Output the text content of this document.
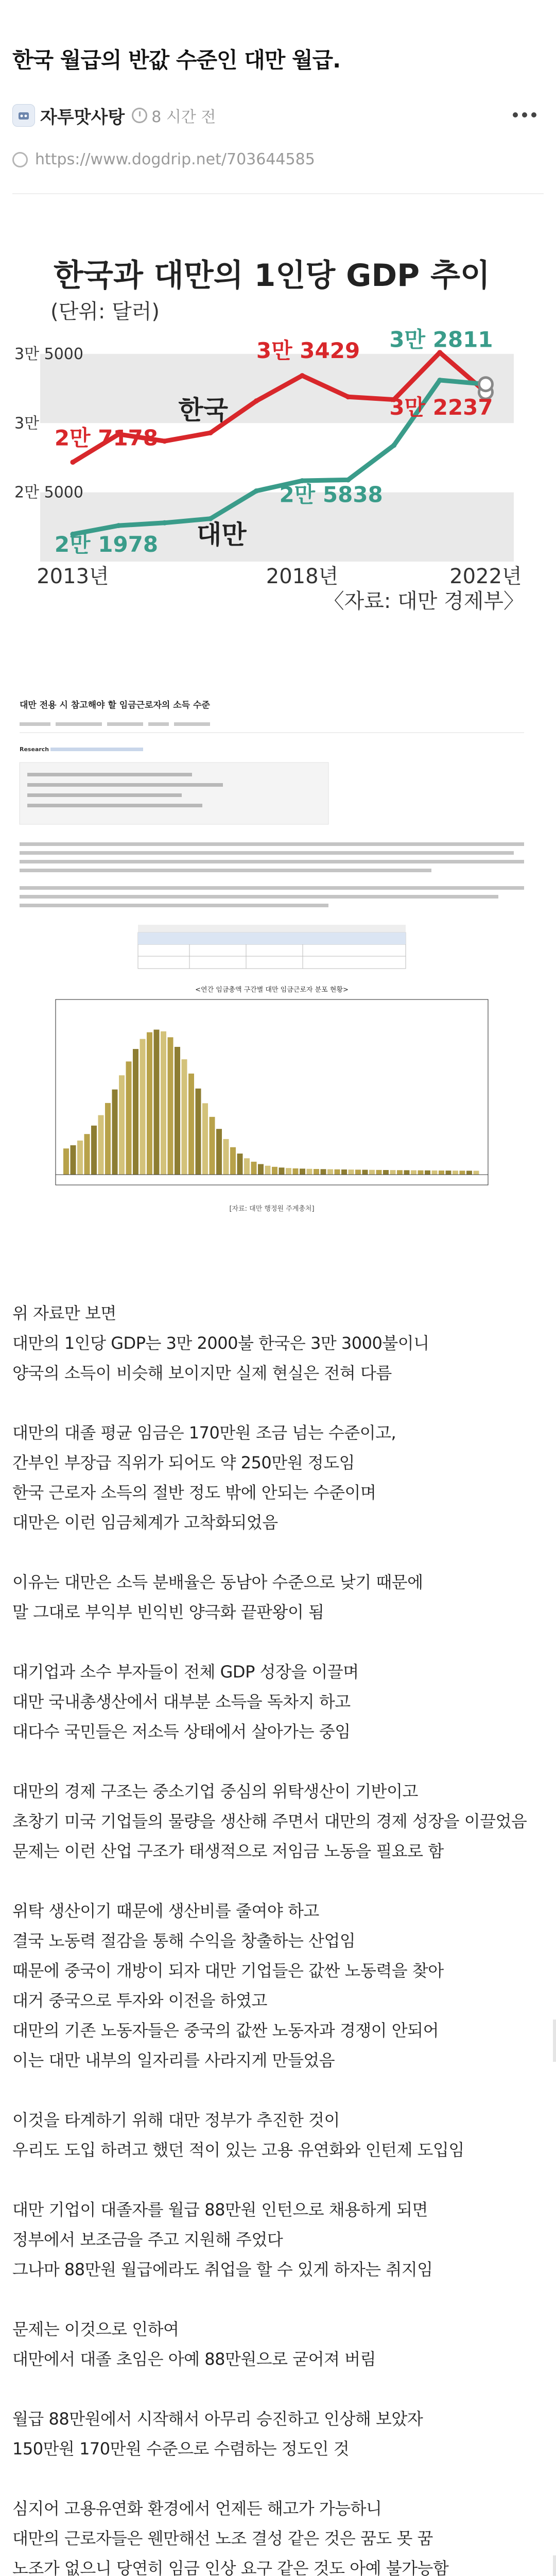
한국 월급의 반값 수준인 대만 월급.
자투맛사탕 8 시간 전
https://www.dogdrip.net/703644585
한국과 대만의 1인당 GDP 추이
(단위: 달러)
3만 5000
3만
2만 5000
한국
대만
2만 7178
3만 3429
3만 2237
2만 1978
2만 5838
3만 2811
2013년	2018년	2022년
〈자료: 대만 경제부〉
대만 전용 시 참고해야 할 임금근로자의 소득 수준
Research
<연간 임금총액 구간별 대만 임금근로자 분포 현황>
[자료: 대만 행정원 주계총처]
위 자료만 보면
대만의 1인당 GDP는 3만 2000불 한국은 3만 3000불이니
양국의 소득이 비슷해 보이지만 실제 현실은 전혀 다름
대만의 대졸 평균 임금은 170만원 조금 넘는 수준이고,
간부인 부장급 직위가 되어도 약 250만원 정도임
한국 근로자 소득의 절반 정도 밖에 안되는 수준이며
대만은 이런 임금체계가 고착화되었음
이유는 대만은 소득 분배율은 동남아 수준으로 낮기 때문에
말 그대로 부익부 빈익빈 양극화 끝판왕이 됨
대기업과 소수 부자들이 전체 GDP 성장을 이끌며
대만 국내총생산에서 대부분 소득을 독차지 하고
대다수 국민들은 저소득 상태에서 살아가는 중임
대만의 경제 구조는 중소기업 중심의 위탁생산이 기반이고
초창기 미국 기업들의 물량을 생산해 주면서 대만의 경제 성장을 이끌었음
문제는 이런 산업 구조가 태생적으로 저임금 노동을 필요로 함
위탁 생산이기 때문에 생산비를 줄여야 하고
결국 노동력 절감을 통해 수익을 창출하는 산업임
때문에 중국이 개방이 되자 대만 기업들은 값싼 노동력을 찾아
대거 중국으로 투자와 이전을 하였고
대만의 기존 노동자들은 중국의 값싼 노동자과 경쟁이 안되어
이는 대만 내부의 일자리를 사라지게 만들었음
이것을 타계하기 위해 대만 정부가 추진한 것이
우리도 도입 하려고 했던 적이 있는 고용 유연화와 인턴제 도입임
대만 기업이 대졸자를 월급 88만원 인턴으로 채용하게 되면
정부에서 보조금을 주고 지원해 주었다
그나마 88만원 월급에라도 취업을 할 수 있게 하자는 취지임
문제는 이것으로 인하여
대만에서 대졸 초임은 아예 88만원으로 굳어져 버림
월급 88만원에서 시작해서 아무리 승진하고 인상해 보았자
150만원 170만원 수준으로 수렴하는 정도인 것
심지어 고용유연화 환경에서 언제든 해고가 가능하니
대만의 근로자들은 웬만해선 노조 결성 같은 것은 꿈도 못 꿈
노조가 없으니 당연히 임금 인상 요구 같은 것도 아예 불가능함
